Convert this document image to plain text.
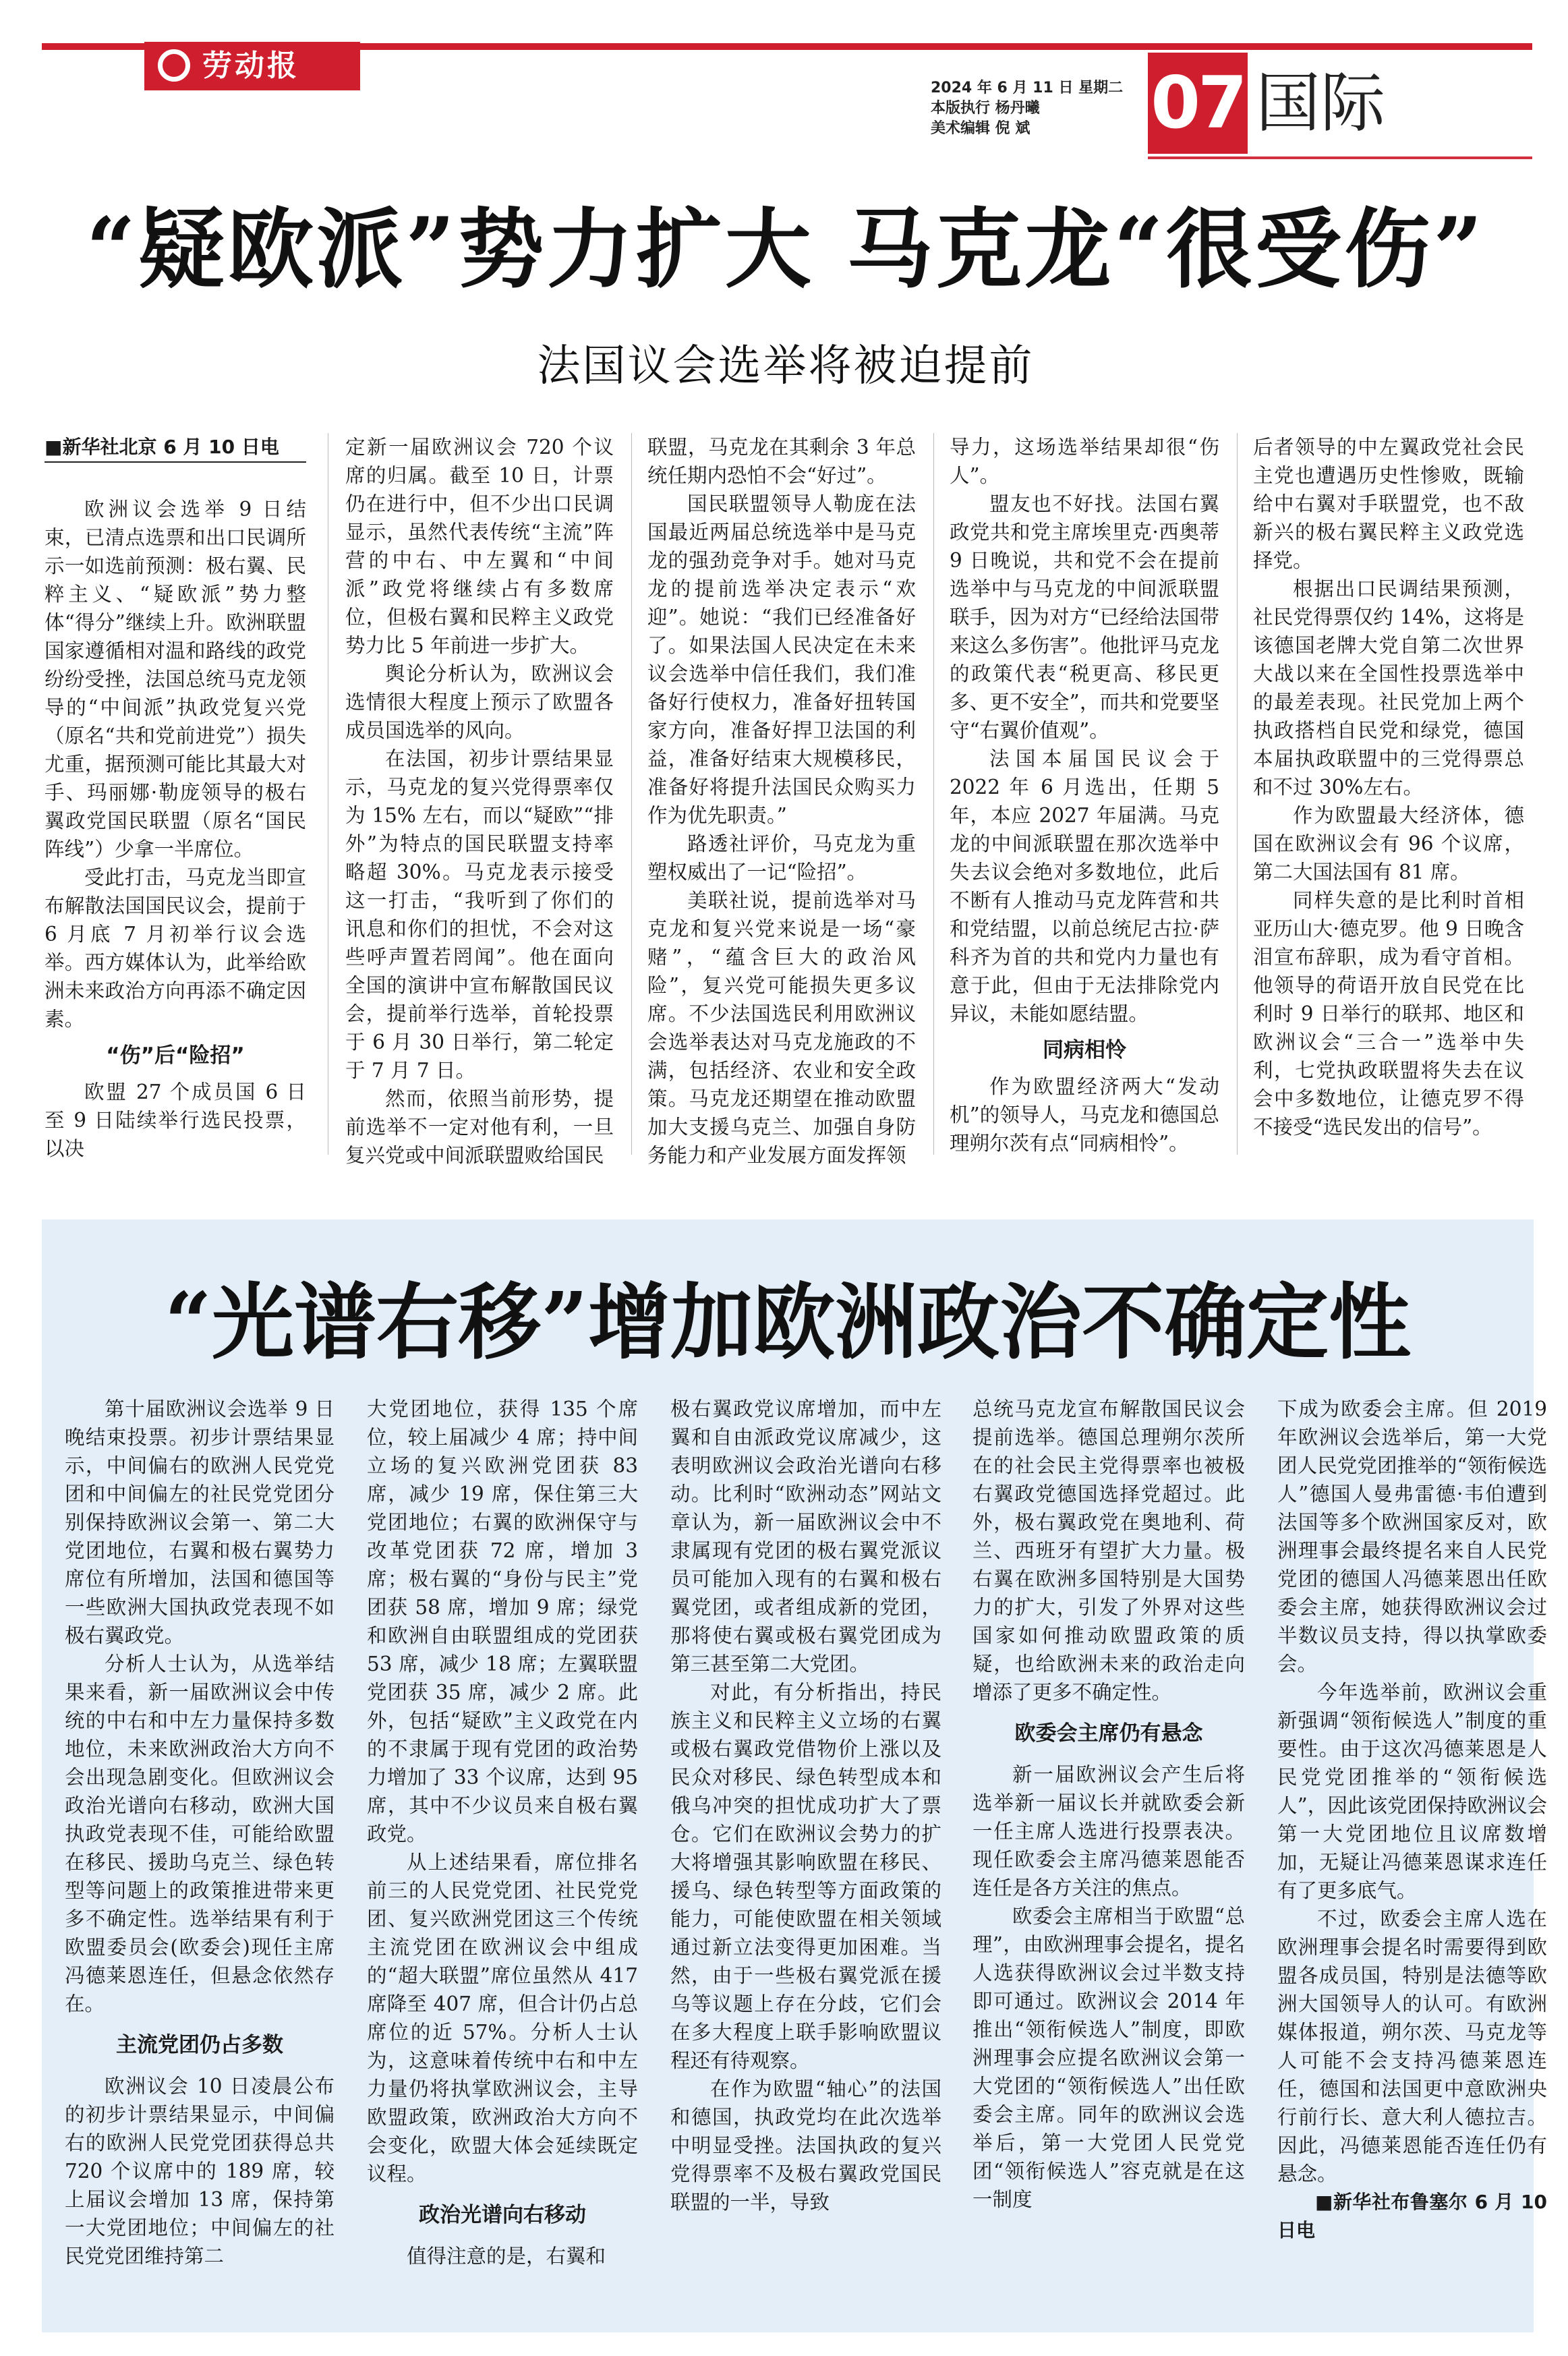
劳动报
2024 年 6 月 11 日 星期二
本版执行 杨丹曦
美术编辑 倪 斌	07 国际
“疑欧派”势力扩大 马克龙“很受伤”
法国议会选举将被迫提前
■新华社北京 6 月 10 日电

欧洲议会选举 9 日结束，已清点选票和出口民调所示一如选前预测：极右翼、民粹主义、“疑欧派”势力整体“得分”继续上升。欧洲联盟国家遵循相对温和路线的政党纷纷受挫，法国总统马克龙领导的“中间派”执政党复兴党（原名“共和党前进党”）损失尤重，据预测可能比其最大对手、玛丽娜·勒庞领导的极右翼政党国民联盟（原名“国民阵线”）少拿一半席位。

受此打击，马克龙当即宣布解散法国国民议会，提前于 6 月底 7 月初举行议会选举。西方媒体认为，此举给欧洲未来政治方向再添不确定因素。

“伤”后“险招”

欧盟 27 个成员国 6 日至 9 日陆续举行选民投票，以决

定新一届欧洲议会 720 个议席的归属。截至 10 日，计票仍在进行中，但不少出口民调显示，虽然代表传统“主流”阵营的中右、中左翼和“中间派”政党将继续占有多数席位，但极右翼和民粹主义政党势力比 5 年前进一步扩大。

舆论分析认为，欧洲议会选情很大程度上预示了欧盟各成员国选举的风向。

在法国，初步计票结果显示，马克龙的复兴党得票率仅为 15% 左右，而以“疑欧”“排外”为特点的国民联盟支持率略超 30%。马克龙表示接受这一打击，“我听到了你们的讯息和你们的担忧，不会对这些呼声置若罔闻”。他在面向全国的演讲中宣布解散国民议会，提前举行选举，首轮投票于 6 月 30 日举行，第二轮定于 7 月 7 日。

然而，依照当前形势，提前选举不一定对他有利，一旦复兴党或中间派联盟败给国民

联盟，马克龙在其剩余 3 年总统任期内恐怕不会“好过”。

国民联盟领导人勒庞在法国最近两届总统选举中是马克龙的强劲竞争对手。她对马克龙的提前选举决定表示“欢迎”。她说：“我们已经准备好了。如果法国人民决定在未来议会选举中信任我们，我们准备好行使权力，准备好扭转国家方向，准备好捍卫法国的利益，准备好结束大规模移民，准备好将提升法国民众购买力作为优先职责。”

路透社评价，马克龙为重塑权威出了一记“险招”。

美联社说，提前选举对马克龙和复兴党来说是一场“豪赌”，“蕴含巨大的政治风险”，复兴党可能损失更多议席。不少法国选民利用欧洲议会选举表达对马克龙施政的不满，包括经济、农业和安全政策。马克龙还期望在推动欧盟加大支援乌克兰、加强自身防务能力和产业发展方面发挥领

导力，这场选举结果却很“伤人”。

盟友也不好找。法国右翼政党共和党主席埃里克·西奥蒂 9 日晚说，共和党不会在提前选举中与马克龙的中间派联盟联手，因为对方“已经给法国带来这么多伤害”。他批评马克龙的政策代表“税更高、移民更多、更不安全”，而共和党要坚守“右翼价值观”。

法国本届国民议会于 2022 年 6 月选出，任期 5 年，本应 2027 年届满。马克龙的中间派联盟在那次选举中失去议会绝对多数地位，此后不断有人推动马克龙阵营和共和党结盟，以前总统尼古拉·萨科齐为首的共和党内力量也有意于此，但由于无法排除党内异议，未能如愿结盟。

同病相怜

作为欧盟经济两大“发动机”的领导人，马克龙和德国总理朔尔茨有点“同病相怜”。

后者领导的中左翼政党社会民主党也遭遇历史性惨败，既输给中右翼对手联盟党，也不敌新兴的极右翼民粹主义政党选择党。

根据出口民调结果预测，社民党得票仅约 14%，这将是该德国老牌大党自第二次世界大战以来在全国性投票选举中的最差表现。社民党加上两个执政搭档自民党和绿党，德国本届执政联盟中的三党得票总和不过 30%左右。

作为欧盟最大经济体，德国在欧洲议会有 96 个议席，第二大国法国有 81 席。

同样失意的是比利时首相亚历山大·德克罗。他 9 日晚含泪宣布辞职，成为看守首相。他领导的荷语开放自民党在比利时 9 日举行的联邦、地区和欧洲议会“三合一”选举中失利，七党执政联盟将失去在议会中多数地位，让德克罗不得不接受“选民发出的信号”。

“光谱右移”增加欧洲政治不确定性

第十届欧洲议会选举 9 日晚结束投票。初步计票结果显示，中间偏右的欧洲人民党党团和中间偏左的社民党党团分别保持欧洲议会第一、第二大党团地位，右翼和极右翼势力席位有所增加，法国和德国等一些欧洲大国执政党表现不如极右翼政党。

分析人士认为，从选举结果来看，新一届欧洲议会中传统的中右和中左力量保持多数地位，未来欧洲政治大方向不会出现急剧变化。但欧洲议会政治光谱向右移动，欧洲大国执政党表现不佳，可能给欧盟在移民、援助乌克兰、绿色转型等问题上的政策推进带来更多不确定性。选举结果有利于欧盟委员会(欧委会)现任主席冯德莱恩连任，但悬念依然存在。

主流党团仍占多数

欧洲议会 10 日凌晨公布的初步计票结果显示，中间偏右的欧洲人民党党团获得总共 720 个议席中的 189 席，较上届议会增加 13 席，保持第一大党团地位；中间偏左的社民党党团维持第二

大党团地位，获得 135 个席位，较上届减少 4 席；持中间立场的复兴欧洲党团获 83 席，减少 19 席，保住第三大党团地位；右翼的欧洲保守与改革党团获 72 席，增加 3 席；极右翼的“身份与民主”党团获 58 席，增加 9 席；绿党和欧洲自由联盟组成的党团获 53 席，减少 18 席；左翼联盟党团获 35 席，减少 2 席。此外，包括“疑欧”主义政党在内的不隶属于现有党团的政治势力增加了 33 个议席，达到 95 席，其中不少议员来自极右翼政党。

从上述结果看，席位排名前三的人民党党团、社民党党团、复兴欧洲党团这三个传统主流党团在欧洲议会中组成的“超大联盟”席位虽然从 417 席降至 407 席，但合计仍占总席位的近 57%。分析人士认为，这意味着传统中右和中左力量仍将执掌欧洲议会，主导欧盟政策，欧洲政治大方向不会变化，欧盟大体会延续既定议程。

政治光谱向右移动

值得注意的是，右翼和

极右翼政党议席增加，而中左翼和自由派政党议席减少，这表明欧洲议会政治光谱向右移动。比利时“欧洲动态”网站文章认为，新一届欧洲议会中不隶属现有党团的极右翼党派议员可能加入现有的右翼和极右翼党团，或者组成新的党团，那将使右翼或极右翼党团成为第三甚至第二大党团。

对此，有分析指出，持民族主义和民粹主义立场的右翼或极右翼政党借物价上涨以及民众对移民、绿色转型成本和俄乌冲突的担忧成功扩大了票仓。它们在欧洲议会势力的扩大将增强其影响欧盟在移民、援乌、绿色转型等方面政策的能力，可能使欧盟在相关领域通过新立法变得更加困难。当然，由于一些极右翼党派在援乌等议题上存在分歧，它们会在多大程度上联手影响欧盟议程还有待观察。

在作为欧盟“轴心”的法国和德国，执政党均在此次选举中明显受挫。法国执政的复兴党得票率不及极右翼政党国民联盟的一半，导致

总统马克龙宣布解散国民议会提前选举。德国总理朔尔茨所在的社会民主党得票率也被极右翼政党德国选择党超过。此外，极右翼政党在奥地利、荷兰、西班牙有望扩大力量。极右翼在欧洲多国特别是大国势力的扩大，引发了外界对这些国家如何推动欧盟政策的质疑，也给欧洲未来的政治走向增添了更多不确定性。

欧委会主席仍有悬念

新一届欧洲议会产生后将选举新一届议长并就欧委会新一任主席人选进行投票表决。现任欧委会主席冯德莱恩能否连任是各方关注的焦点。

欧委会主席相当于欧盟“总理”，由欧洲理事会提名，提名人选获得欧洲议会过半数支持即可通过。欧洲议会 2014 年推出“领衔候选人”制度，即欧洲理事会应提名欧洲议会第一大党团的“领衔候选人”出任欧委会主席。同年的欧洲议会选举后，第一大党团人民党党团“领衔候选人”容克就是在这一制度

下成为欧委会主席。但 2019 年欧洲议会选举后，第一大党团人民党党团推举的“领衔候选人”德国人曼弗雷德·韦伯遭到法国等多个欧洲国家反对，欧洲理事会最终提名来自人民党党团的德国人冯德莱恩出任欧委会主席，她获得欧洲议会过半数议员支持，得以执掌欧委会。

今年选举前，欧洲议会重新强调“领衔候选人”制度的重要性。由于这次冯德莱恩是人民党党团推举的“领衔候选人”，因此该党团保持欧洲议会第一大党团地位且议席数增加，无疑让冯德莱恩谋求连任有了更多底气。

不过，欧委会主席人选在欧洲理事会提名时需要得到欧盟各成员国，特别是法德等欧洲大国领导人的认可。有欧洲媒体报道，朔尔茨、马克龙等人可能不会支持冯德莱恩连任，德国和法国更中意欧洲央行前行长、意大利人德拉吉。因此，冯德莱恩能否连任仍有悬念。

■新华社布鲁塞尔 6 月 10 日电
